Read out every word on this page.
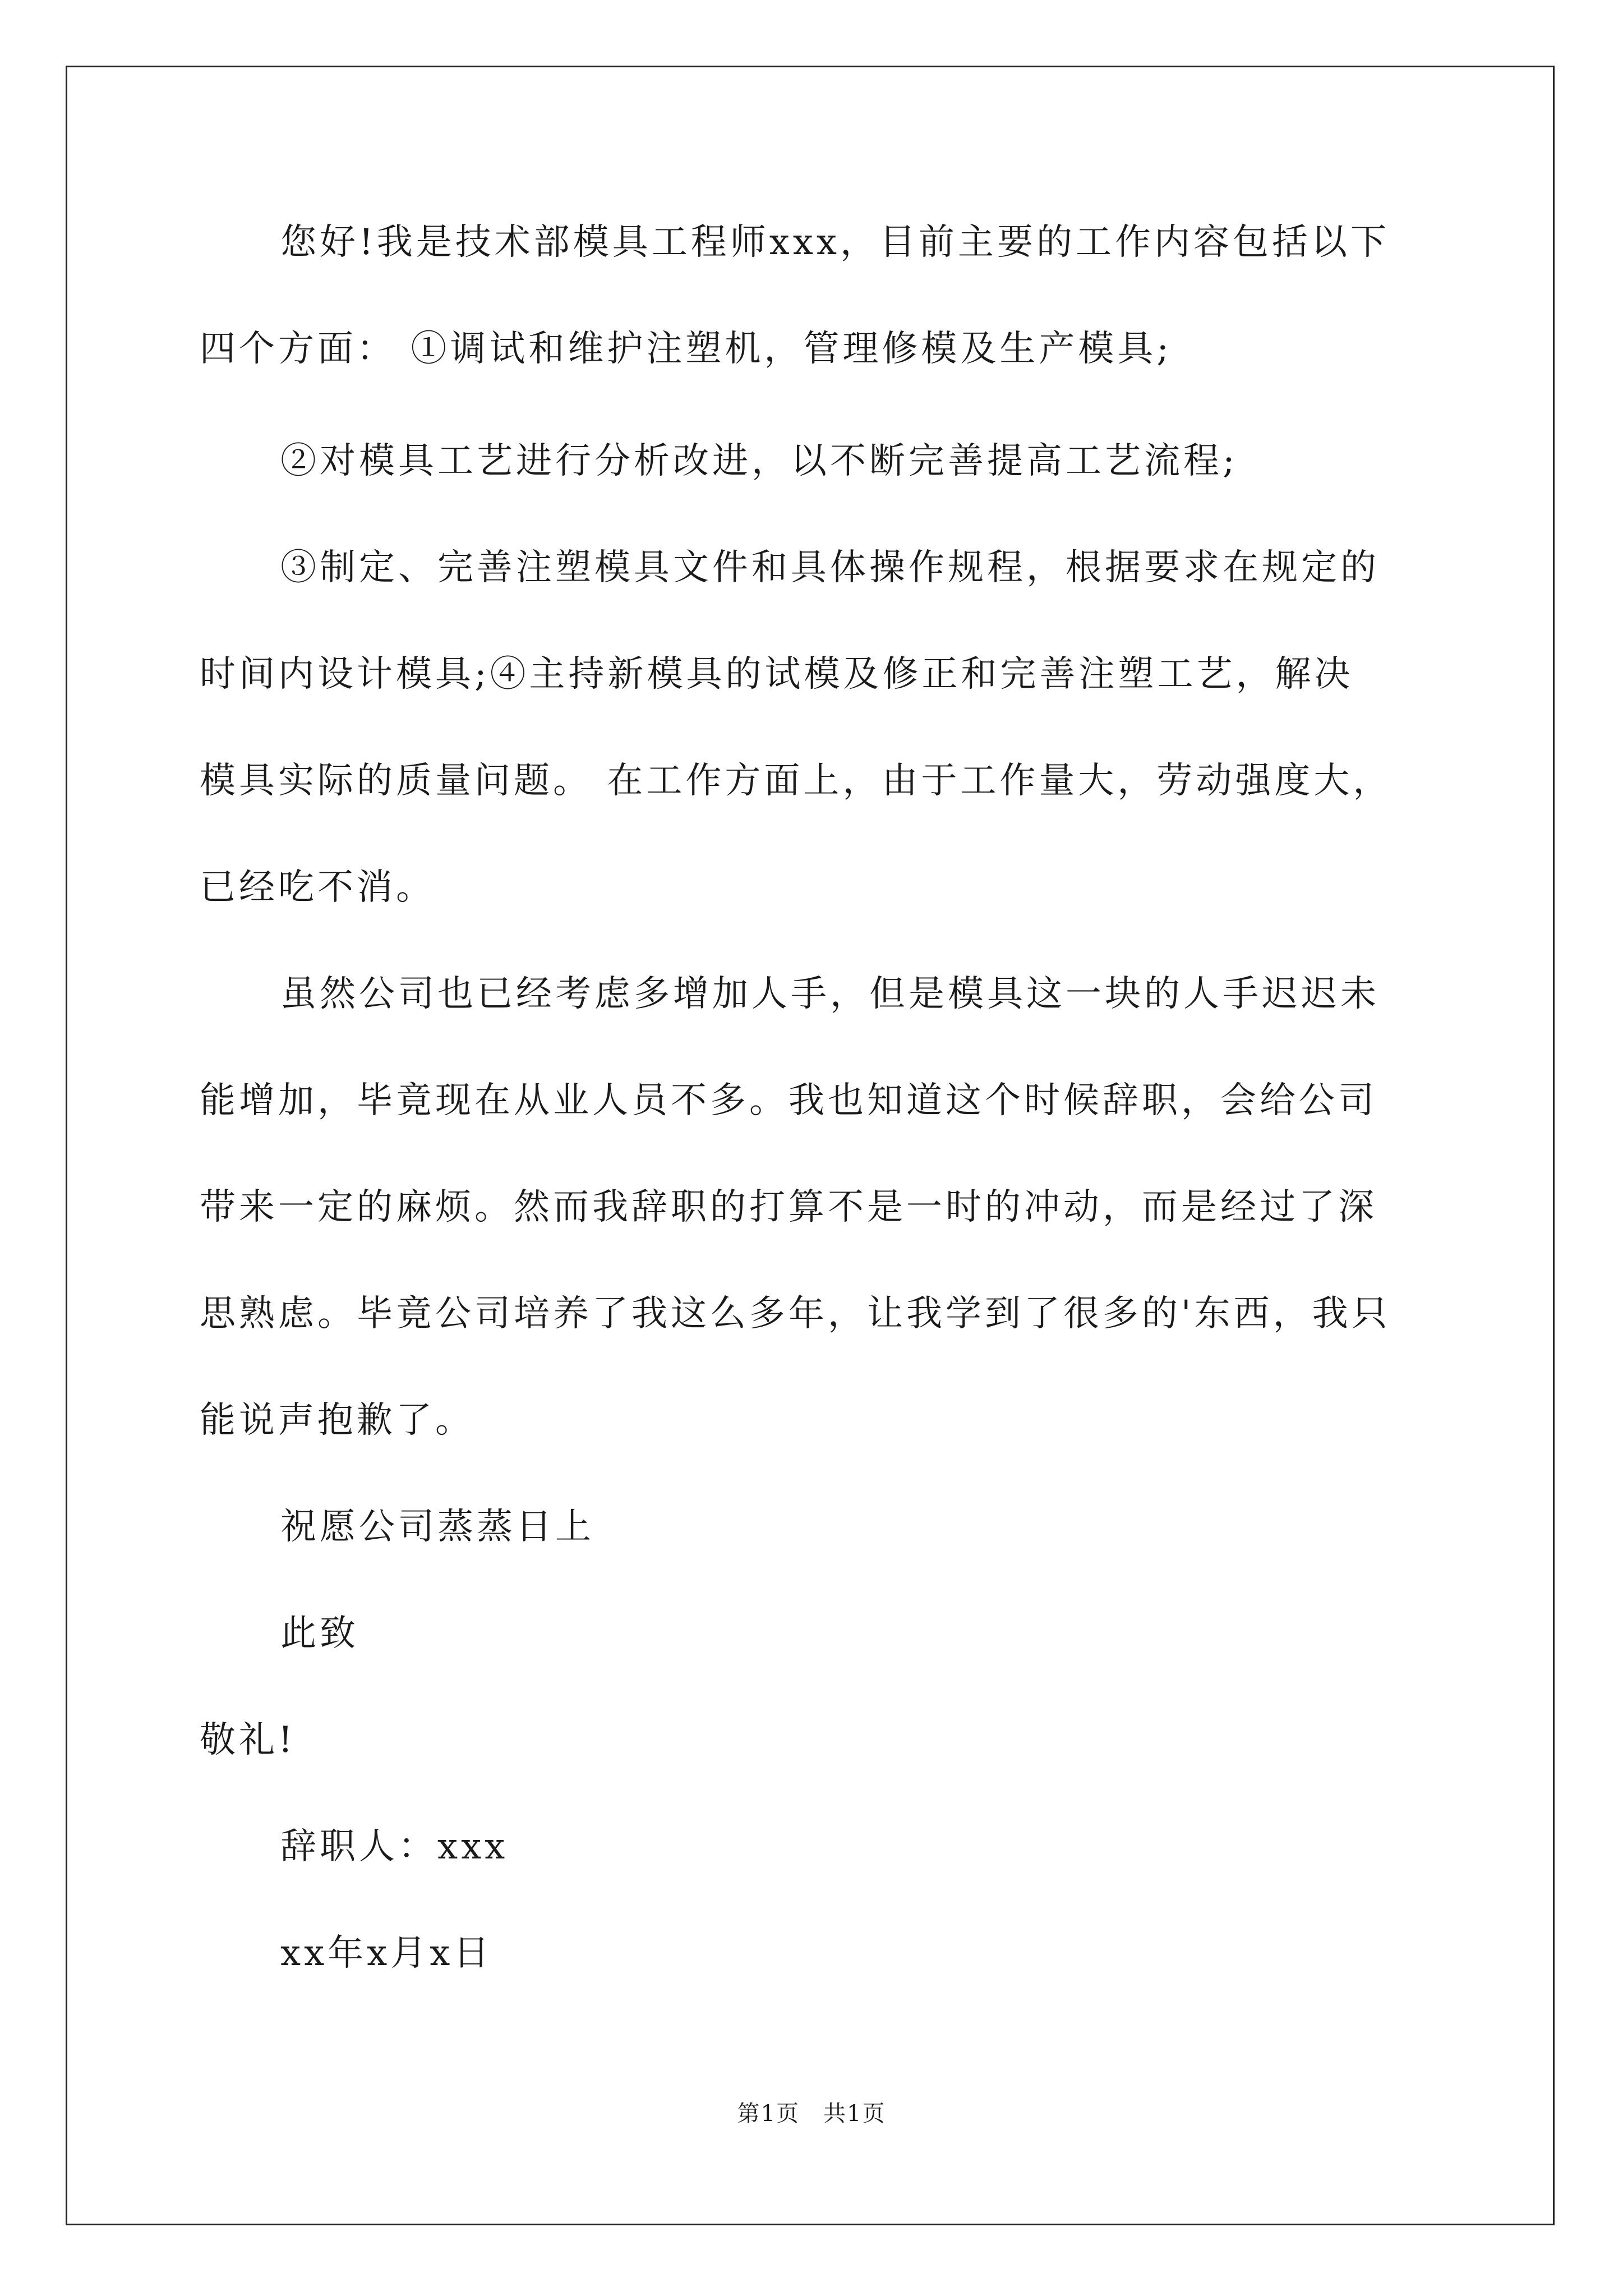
您好!我是技术部模具工程师xxx，目前主要的工作内容包括以下
四个方面： ①调试和维护注塑机，管理修模及生产模具;
②对模具工艺进行分析改进，以不断完善提高工艺流程;
③制定、完善注塑模具文件和具体操作规程，根据要求在规定的
时间内设计模具;④主持新模具的试模及修正和完善注塑工艺，解决
模具实际的质量问题。 在工作方面上，由于工作量大，劳动强度大，
已经吃不消。
虽然公司也已经考虑多增加人手，但是模具这一块的人手迟迟未
能增加，毕竟现在从业人员不多。我也知道这个时候辞职，会给公司
带来一定的麻烦。然而我辞职的打算不是一时的冲动，而是经过了深
思熟虑。毕竟公司培养了我这么多年，让我学到了很多的'东西，我只
能说声抱歉了。
祝愿公司蒸蒸日上
此致
敬礼!
辞职人：xxx
xx年x月x日
第1页　共1页
